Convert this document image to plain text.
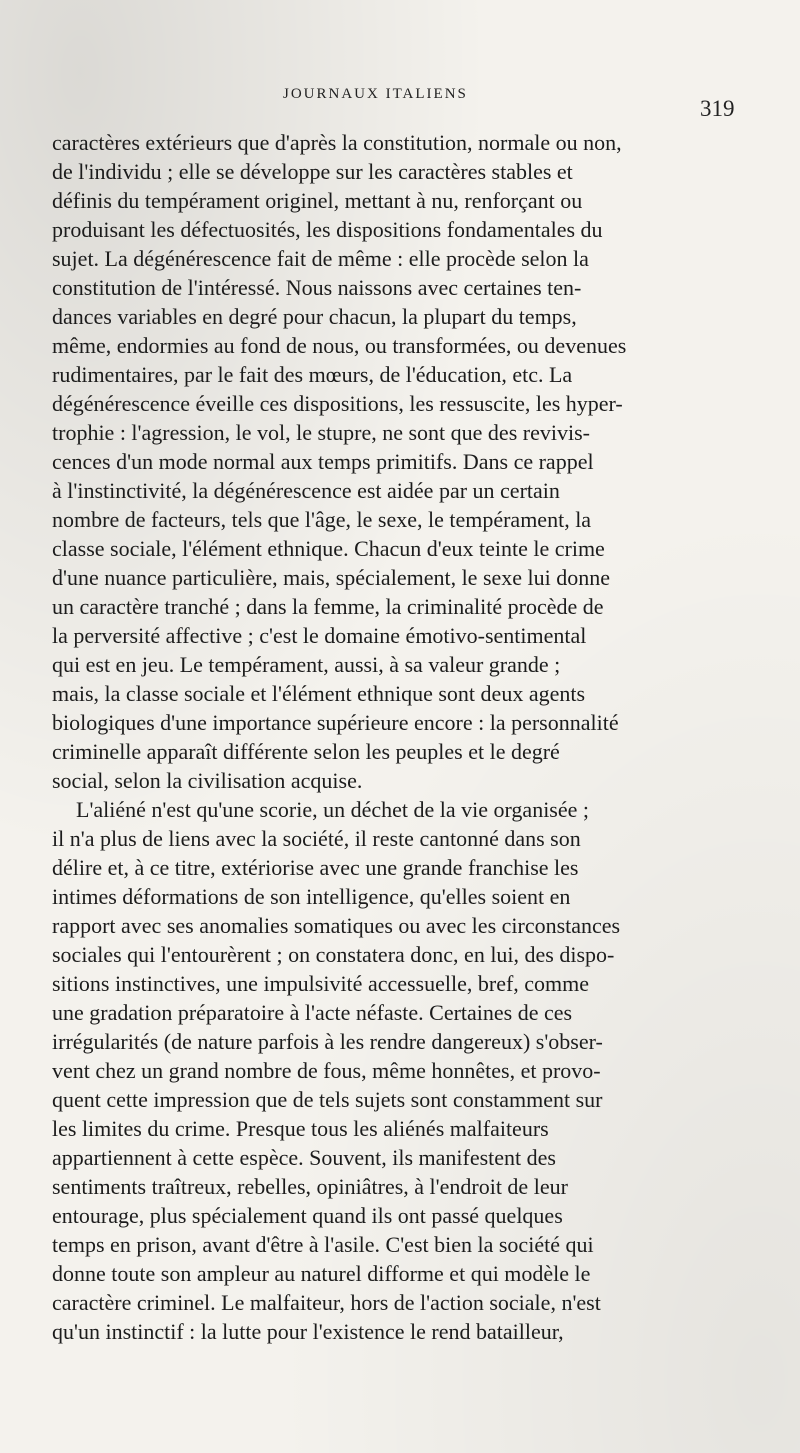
JOURNAUX ITALIENS
319
caractères extérieurs que d'après la constitution, normale ou non,
de l'individu ; elle se développe sur les caractères stables et
définis du tempérament originel, mettant à nu, renforçant ou
produisant les défectuosités, les dispositions fondamentales du
sujet. La dégénérescence fait de même : elle procède selon la
constitution de l'intéressé. Nous naissons avec certaines ten-
dances variables en degré pour chacun, la plupart du temps,
même, endormies au fond de nous, ou transformées, ou devenues
rudimentaires, par le fait des mœurs, de l'éducation, etc. La
dégénérescence éveille ces dispositions, les ressuscite, les hyper-
trophie : l'agression, le vol, le stupre, ne sont que des revivis-
cences d'un mode normal aux temps primitifs. Dans ce rappel
à l'instinctivité, la dégénérescence est aidée par un certain
nombre de facteurs, tels que l'âge, le sexe, le tempérament, la
classe sociale, l'élément ethnique. Chacun d'eux teinte le crime
d'une nuance particulière, mais, spécialement, le sexe lui donne
un caractère tranché ; dans la femme, la criminalité procède de
la perversité affective ; c'est le domaine émotivo-sentimental
qui est en jeu. Le tempérament, aussi, à sa valeur grande ;
mais, la classe sociale et l'élément ethnique sont deux agents
biologiques d'une importance supérieure encore : la personnalité
criminelle apparaît différente selon les peuples et le degré
social, selon la civilisation acquise.
L'aliéné n'est qu'une scorie, un déchet de la vie organisée ;
il n'a plus de liens avec la société, il reste cantonné dans son
délire et, à ce titre, extériorise avec une grande franchise les
intimes déformations de son intelligence, qu'elles soient en
rapport avec ses anomalies somatiques ou avec les circonstances
sociales qui l'entourèrent ; on constatera donc, en lui, des dispo-
sitions instinctives, une impulsivité accessuelle, bref, comme
une gradation préparatoire à l'acte néfaste. Certaines de ces
irrégularités (de nature parfois à les rendre dangereux) s'obser-
vent chez un grand nombre de fous, même honnêtes, et provo-
quent cette impression que de tels sujets sont constamment sur
les limites du crime. Presque tous les aliénés malfaiteurs
appartiennent à cette espèce. Souvent, ils manifestent des
sentiments traîtreux, rebelles, opiniâtres, à l'endroit de leur
entourage, plus spécialement quand ils ont passé quelques
temps en prison, avant d'être à l'asile. C'est bien la société qui
donne toute son ampleur au naturel difforme et qui modèle le
caractère criminel. Le malfaiteur, hors de l'action sociale, n'est
qu'un instinctif : la lutte pour l'existence le rend batailleur,
